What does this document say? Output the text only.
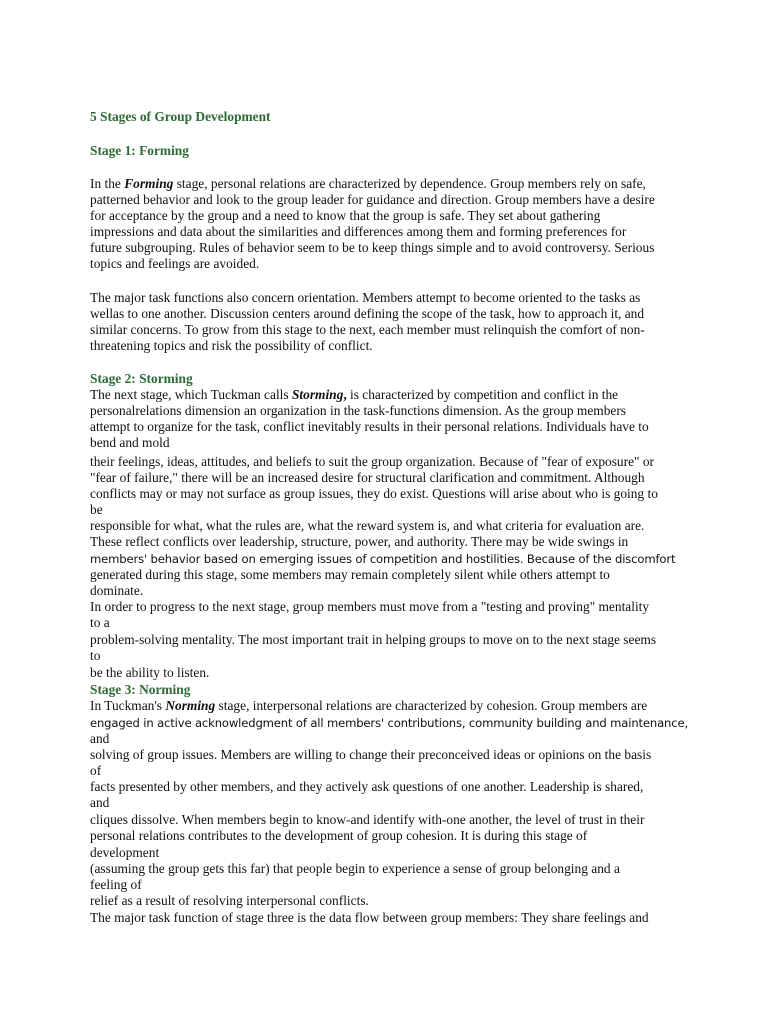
5 Stages of Group Development
Stage 1: Forming
In the Forming stage, personal relations are characterized by dependence. Group members rely on safe,
patterned behavior and look to the group leader for guidance and direction. Group members have a desire
for acceptance by the group and a need to know that the group is safe. They set about gathering
impressions and data about the similarities and differences among them and forming preferences for
future subgrouping. Rules of behavior seem to be to keep things simple and to avoid controversy. Serious
topics and feelings are avoided.
The major task functions also concern orientation. Members attempt to become oriented to the tasks as
wellas to one another. Discussion centers around defining the scope of the task, how to approach it, and
similar concerns. To grow from this stage to the next, each member must relinquish the comfort of non-
threatening topics and risk the possibility of conflict.
Stage 2: Storming
The next stage, which Tuckman calls Storming, is characterized by competition and conflict in the
personalrelations dimension an organization in the task-functions dimension. As the group members
attempt to organize for the task, conflict inevitably results in their personal relations. Individuals have to
bend and mold
their feelings, ideas, attitudes, and beliefs to suit the group organization. Because of "fear of exposure" or
"fear of failure," there will be an increased desire for structural clarification and commitment. Although
conflicts may or may not surface as group issues, they do exist. Questions will arise about who is going to
be
responsible for what, what the rules are, what the reward system is, and what criteria for evaluation are.
These reflect conflicts over leadership, structure, power, and authority. There may be wide swings in
members' behavior based on emerging issues of competition and hostilities. Because of the discomfort
generated during this stage, some members may remain completely silent while others attempt to
dominate.
In order to progress to the next stage, group members must move from a "testing and proving" mentality
to a
problem-solving mentality. The most important trait in helping groups to move on to the next stage seems
to
be the ability to listen.
Stage 3: Norming
In Tuckman's Norming stage, interpersonal relations are characterized by cohesion. Group members are
engaged in active acknowledgment of all members' contributions, community building and maintenance,
and
solving of group issues. Members are willing to change their preconceived ideas or opinions on the basis
of
facts presented by other members, and they actively ask questions of one another. Leadership is shared,
and
cliques dissolve. When members begin to know-and identify with-one another, the level of trust in their
personal relations contributes to the development of group cohesion. It is during this stage of
development
(assuming the group gets this far) that people begin to experience a sense of group belonging and a
feeling of
relief as a result of resolving interpersonal conflicts.
The major task function of stage three is the data flow between group members: They share feelings and
